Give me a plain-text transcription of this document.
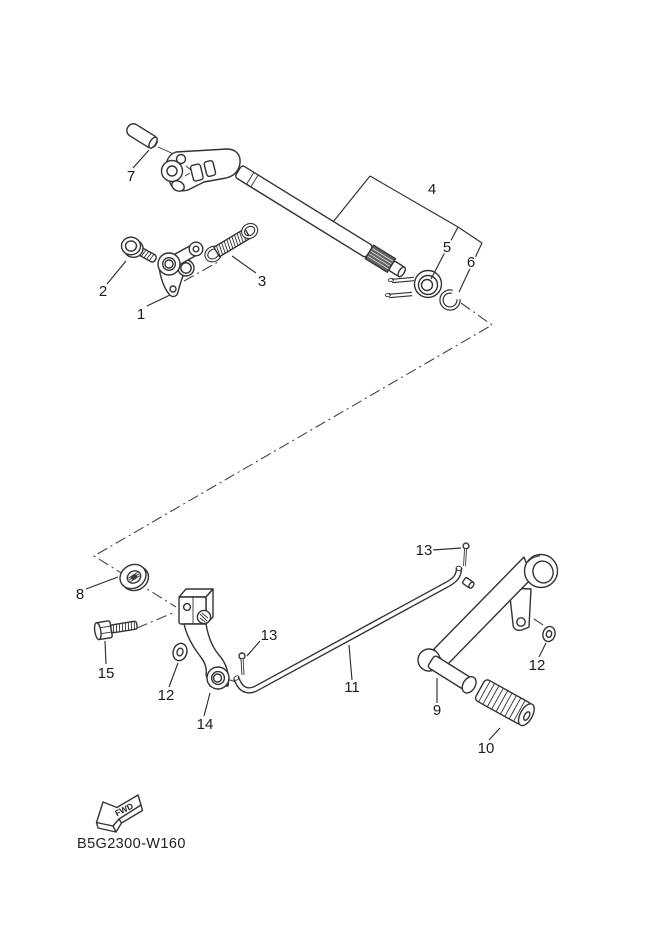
1
2
3
4
5
6
7
8
9
10
11
12
12
13
13
14
15
FWD
B5G2300-W160
